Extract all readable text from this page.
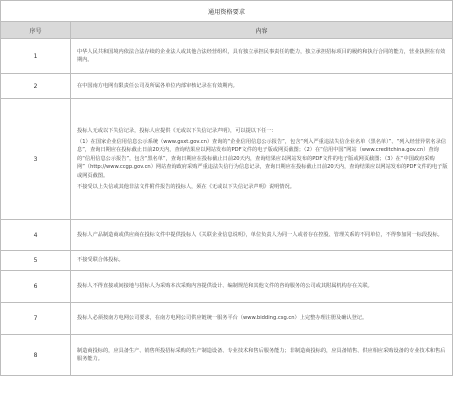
通用资格要求	
序号	内容
1	中华人民共和国境内依法合法存续的企业法人或其他合法经营组织，具有独立承担民事责任的能力，独立承担招标项目的履约和执行合同的能力，营业执照在有效期内。

2	在中国南方电网有限责任公司及所属各单位内部审核记录在有效期内。

3	投标人无或以下失信记录，投标人应提供《无或以下失信记录声明》，可以提以下任一：

（1）在国家企业信用信息公示系统（www.gsxt.gov.cn）查询的“企业信用信息公示报告”，包含“列入严重违法失信企业名单（黑名单）”、“列入经营异常名录信息”，查询日期应在投标截止日前20天内，查询结果应以网站发布的PDF文件的电子版或网页截图；（2）在“信用中国”网站（www.creditchina.gov.cn）查询的“信用信息公示报告”，包含“黑名单”，查询日期应在投标截止日前20天内，查询结果应以网站发布的PDF文件的电子版或网页截图；（3）在“中国政府采购网”（http://www.ccgp.gov.cn）网站查询政府采购严重违法失信行为信息记录，查询日期应在投标截止日前20天内，查询结果应以网站发布的PDF文件的电子版或网页截图。

不接受以上失信或其他非法文件附件报告的投标人，须在《无或以下失信记录声明》说明情况。

4	投标人产品制造商或供应商在投标文件中提供投标人《关联企业信息说明》，单位负责人为同一人或者存在控股、管理关系的不同单位，不得参加同一标段投标。

5	不接受联合体投标。

6	投标人不得直接或间接地与招标人为采购本次采购内容提供设计、编制规范和其他文件的咨询服务的公司或其附属机构存在关联。

7	投标人必须按南方电网公司要求，在南方电网公司供应链统一服务平台（www.bidding.csg.cn）上完整办理注册及确认登记。

8	制造商投标的，应具备生产、销售所投招标采购的生产制造设备、专业技术和售后服务能力；非制造商投标的，应具备销售、供应相应采购设备的专业技术和售后服务能力。
